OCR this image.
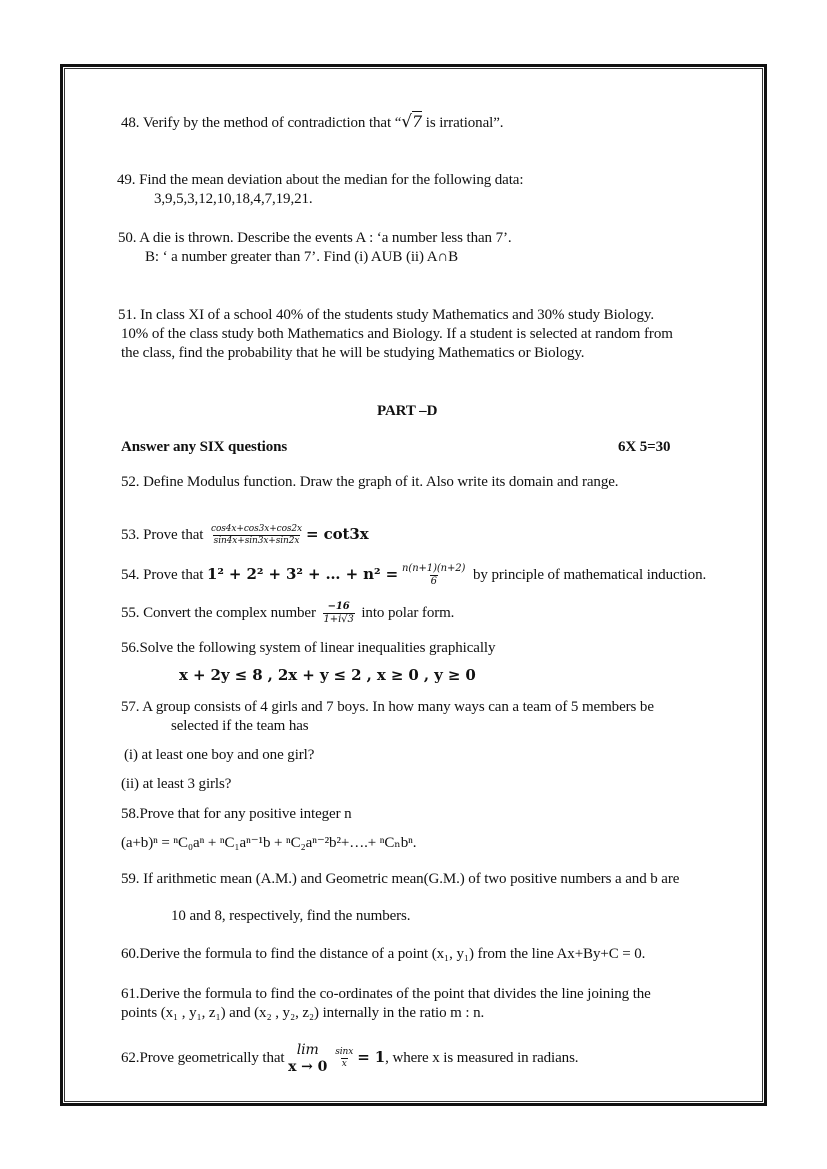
48. Verify by the method of contradiction that “√7 is irrational”.
49. Find the mean deviation about the median for the following data:
3,9,5,3,12,10,18,4,7,19,21.
50. A die is thrown. Describe the events A : ‘a number less than 7’.
B: ‘ a number greater than 7’. Find (i) AUB (ii) A∩B
51. In class XI of a school 40% of the students study Mathematics and 30% study Biology.
10% of the class study both Mathematics and Biology. If a student is selected at random from
the class, find the probability that he will be studying Mathematics or Biology.
PART –D
Answer any SIX questions	6X 5=30
52. Define Modulus function. Draw the graph of it. Also write its domain and range.
53. Prove that $\frac{\cos 4x+\cos 3x+\cos 2x}{\sin 4x+\sin 3x+\sin 2x} = \cot 3x$
54. Prove that 1² + 2² + 3² + … + $n^2 = \frac{n(n+1)(n+2)}{6}$ by principle of mathematical induction.
55. Convert the complex number $\frac{-16}{1+i√3}$ into polar form.
56.Solve the following system of linear inequalities graphically
x + 2y ≤ 8 , 2x + y ≤ 2 , x ≥ 0 , y ≥ 0
57. A group consists of 4 girls and 7 boys. In how many ways can a team of 5 members be
selected if the team has
(i) at least one boy and one girl?
(ii) at least 3 girls?
58.Prove that for any positive integer n
(a+b)ⁿ = ⁿC₀aⁿ + ⁿC₁aⁿ⁻¹b + ⁿC₂aⁿ⁻²b²+….+ ⁿCₙbⁿ.
59. If arithmetic mean (A.M.) and Geometric mean(G.M.) of two positive numbers a and b are
10 and 8, respectively, find the numbers.
60.Derive the formula to find the distance of a point (x₁, y₁) from the line Ax+By+C = 0.
61.Derive the formula to find the co-ordinates of the point that divides the line joining the
points (x₁ , y₁, z₁) and (x₂ , y₂, z₂) internally in the ratio m : n.
62.Prove geometrically that
lim
$x \to 0 \frac{\sin x}{x} = 1$, where x is measured in radians.
